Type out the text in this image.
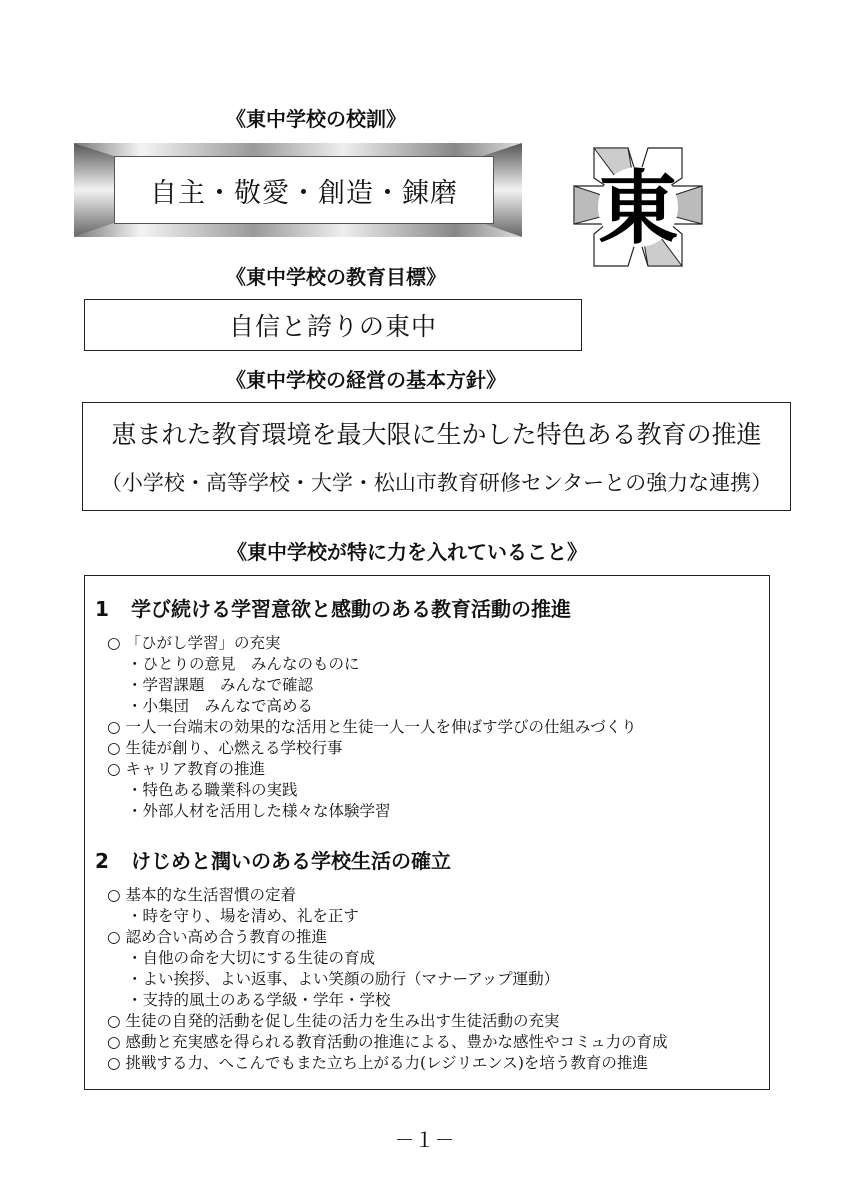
《東中学校の校訓》
自主・敬愛・創造・錬磨	東
《東中学校の教育目標》
自信と誇りの東中
《東中学校の経営の基本方針》
恵まれた教育環境を最大限に生かした特色ある教育の推進
（小学校・高等学校・大学・松山市教育研修センターとの強力な連携）
《東中学校が特に力を入れていること》
1 学び続ける学習意欲と感動のある教育活動の推進
○ 「ひがし学習」の充実
・ひとりの意見　みんなのものに
・学習課題　みんなで確認
・小集団　みんなで高める
○ 一人一台端末の効果的な活用と生徒一人一人を伸ばす学びの仕組みづくり
○ 生徒が創り、心燃える学校行事
○ キャリア教育の推進
・特色ある職業科の実践
・外部人材を活用した様々な体験学習
2 けじめと潤いのある学校生活の確立
○ 基本的な生活習慣の定着
・時を守り、場を清め、礼を正す
○ 認め合い高め合う教育の推進
・自他の命を大切にする生徒の育成
・よい挨拶、よい返事、よい笑顔の励行（マナーアップ運動）
・支持的風土のある学級・学年・学校
○ 生徒の自発的活動を促し生徒の活力を生み出す生徒活動の充実
○ 感動と充実感を得られる教育活動の推進による、豊かな感性やコミュ力の育成
○ 挑戦する力、へこんでもまた立ち上がる力(レジリエンス)を培う教育の推進
－１－
